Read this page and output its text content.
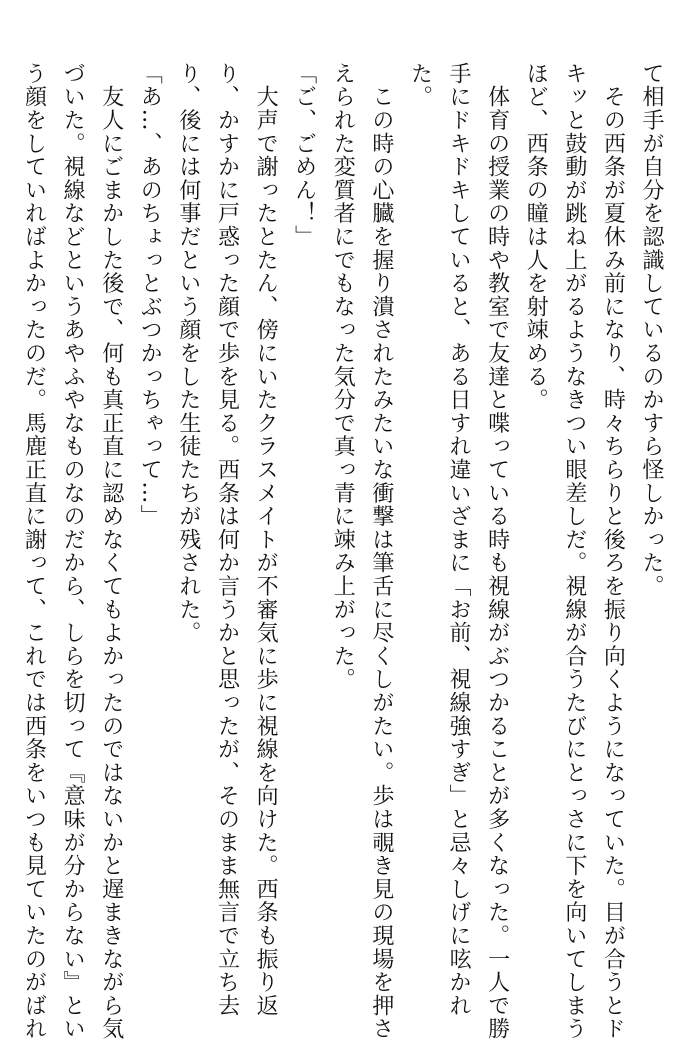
て相手が自分を認識しているのかすら怪しかった。
　その西条が夏休み前になり、時々ちらりと後ろを振り向くようになっていた。目が合うとド
キッと鼓動が跳ね上がるようなきつい眼差しだ。視線が合うたびにとっさに下を向いてしまう
ほど、西条の瞳は人を射竦める。
　体育の授業の時や教室で友達と喋っている時も視線がぶつかることが多くなった。一人で勝
手にドキドキしていると、ある日すれ違いざまに「お前、視線強すぎ」と忌々しげに呟かれ
た。
　この時の心臓を握り潰されたみたいな衝撃は筆舌に尽くしがたい。歩は覗き見の現場を押さ
えられた変質者にでもなった気分で真っ青に竦み上がった。
「ご、ごめん！」
　大声で謝ったとたん、傍にいたクラスメイトが不審気に歩に視線を向けた。西条も振り返
り、かすかに戸惑った顔で歩を見る。西条は何か言うかと思ったが、そのまま無言で立ち去
り、後には何事だという顔をした生徒たちが残された。
「あ…、あのちょっとぶつかっちゃって…」
　友人にごまかした後で、何も真正直に認めなくてもよかったのではないかと遅まきながら気
づいた。視線などというあやふやなものなのだから、しらを切って『意味が分からない』とい
う顔をしていればよかったのだ。馬鹿正直に謝って、これでは西条をいつも見ていたのがばれ
